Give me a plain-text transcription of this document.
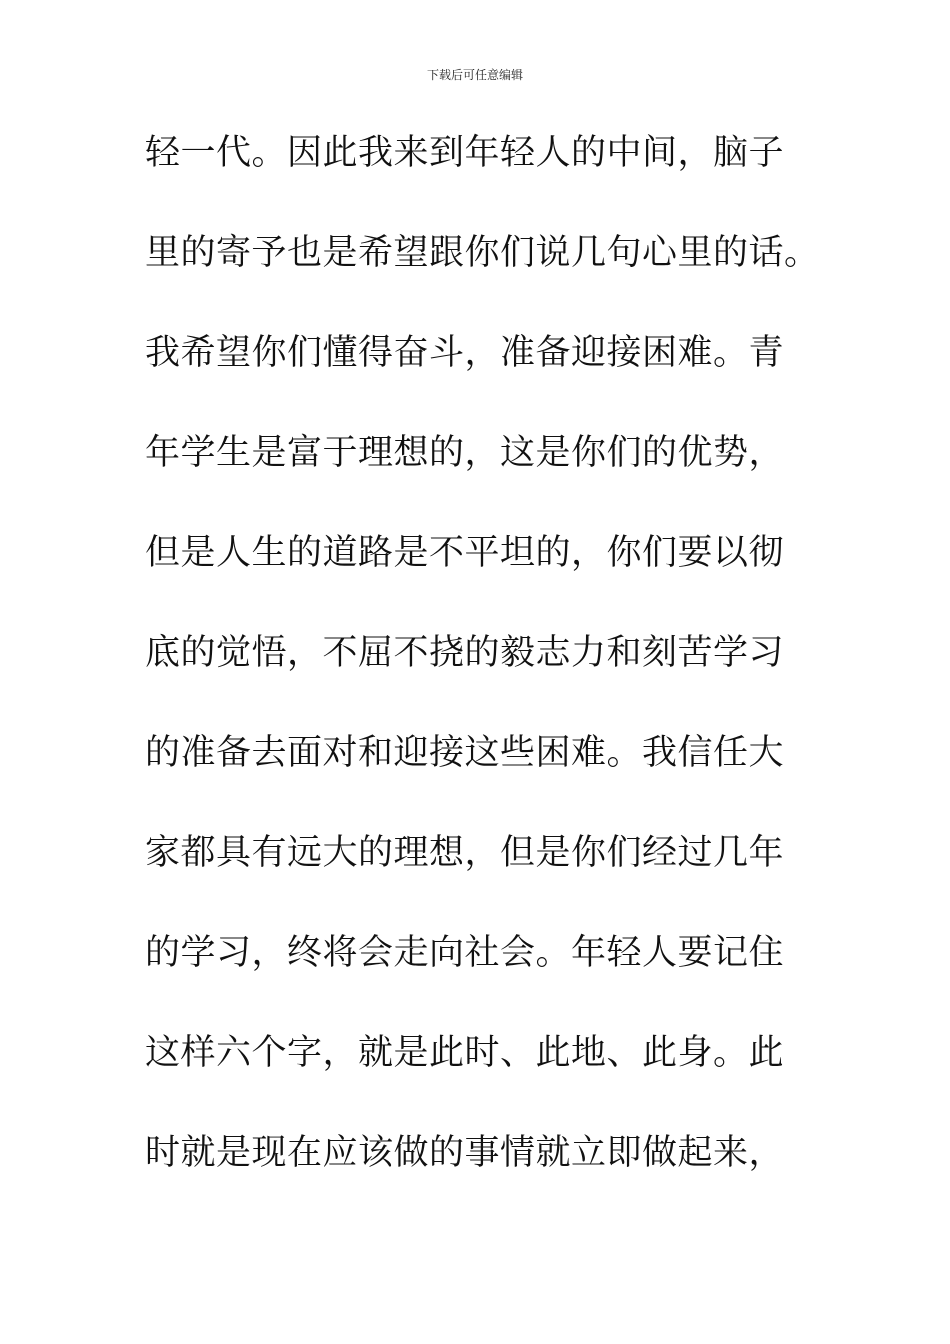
下载后可任意编辑
轻一代。因此我来到年轻人的中间，脑子
里的寄予也是希望跟你们说几句心里的话。
我希望你们懂得奋斗，准备迎接困难。青
年学生是富于理想的，这是你们的优势，
但是人生的道路是不平坦的，你们要以彻
底的觉悟，不屈不挠的毅志力和刻苦学习
的准备去面对和迎接这些困难。我信任大
家都具有远大的理想，但是你们经过几年
的学习，终将会走向社会。年轻人要记住
这样六个字，就是此时、此地、此身。此
时就是现在应该做的事情就立即做起来，
